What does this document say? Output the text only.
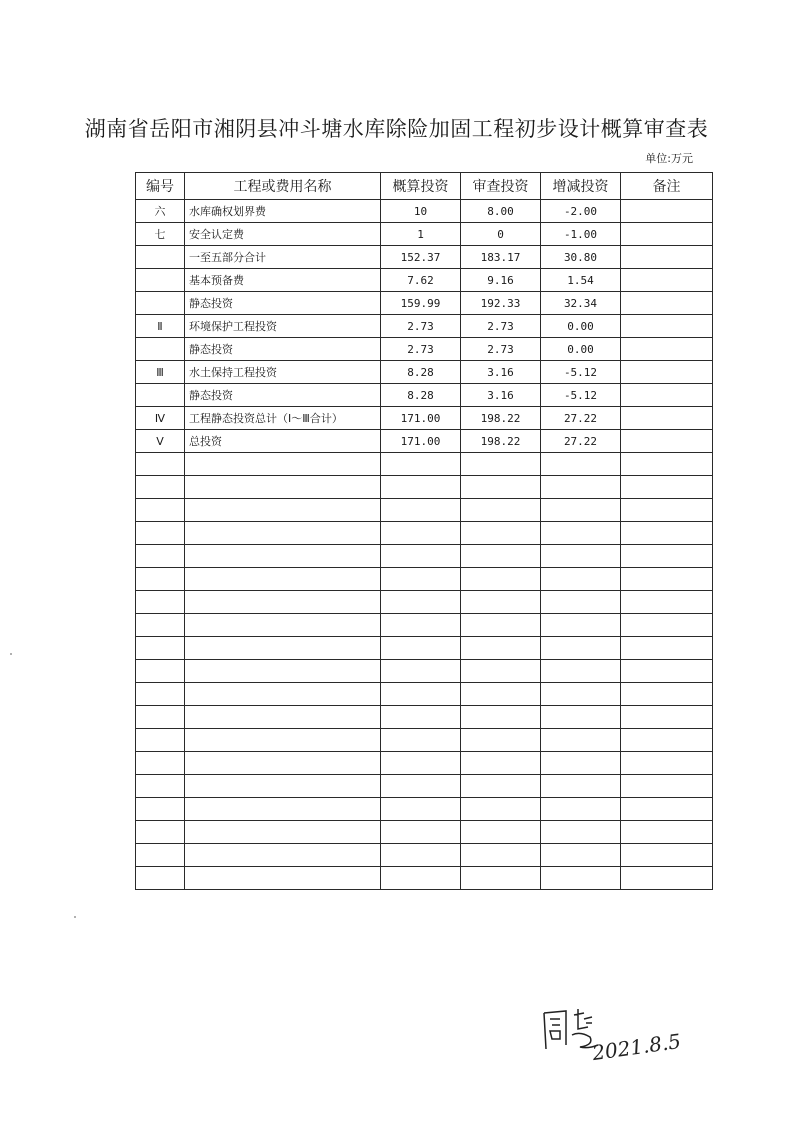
湖南省岳阳市湘阴县冲斗塘水库除险加固工程初步设计概算审查表
单位:万元
编号	工程或费用名称	概算投资	审查投资	增减投资	备注
六	水库确权划界费	10	8.00	-2.00	
七	安全认定费	1	0	-1.00	
	一至五部分合计	152.37	183.17	30.80	
	基本预备费	7.62	9.16	1.54	
	静态投资	159.99	192.33	32.34	
Ⅱ	环境保护工程投资	2.73	2.73	0.00	
	静态投资	2.73	2.73	0.00	
Ⅲ	水土保持工程投资	8.28	3.16	-5.12	
	静态投资	8.28	3.16	-5.12	
Ⅳ	工程静态投资总计（Ⅰ～Ⅲ合计）	171.00	198.22	27.22	
Ⅴ	总投资	171.00	198.22	27.22	

2021.8.5
